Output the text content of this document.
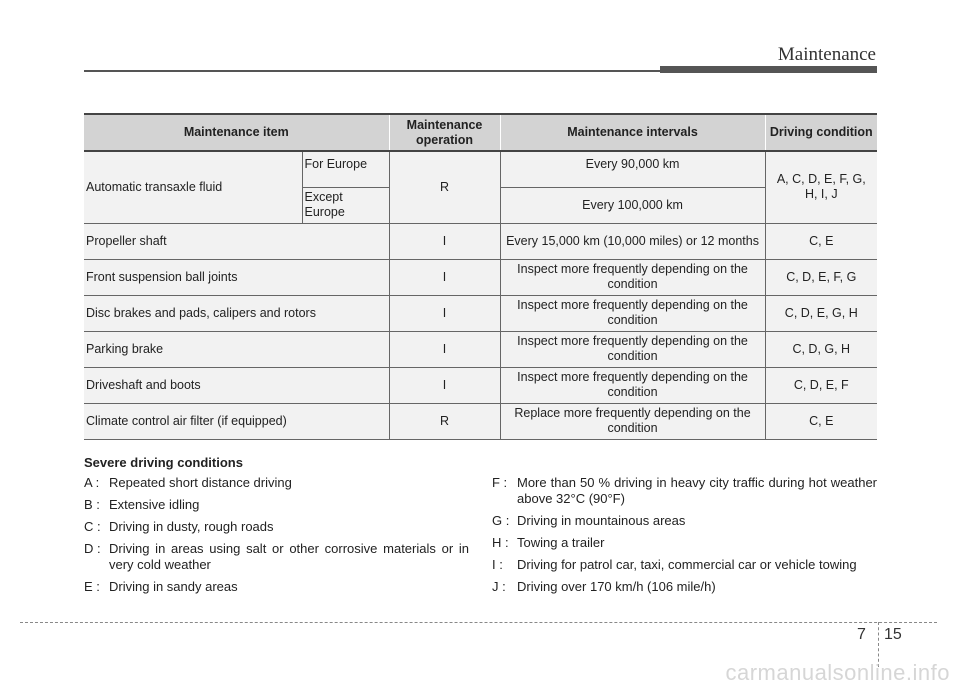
Maintenance
Maintenance item		Maintenance operation	Maintenance intervals	Driving condition
Automatic transaxle fluid	For Europe	R	Every 90,000 km	A, C, D, E, F, G, H, I, J
	Except Europe		Every 100,000 km	
Propeller shaft		I	Every 15,000 km (10,000 miles) or 12 months	C, E
Front suspension ball joints		I	Inspect more frequently depending on the condition	C, D, E, F, G
Disc brakes and pads, calipers and rotors		I	Inspect more frequently depending on the condition	C, D, E, G, H
Parking brake		I	Inspect more frequently depending on the condition	C, D, G, H
Driveshaft and boots		I	Inspect more frequently depending on the condition	C, D, E, F
Climate control air filter (if equipped)		R	Replace more frequently depending on the condition	C, E
Severe driving conditions
A : Repeated short distance driving
B : Extensive idling
C : Driving in dusty, rough roads
D : Driving in areas using salt or other corrosive materials or in very cold weather
E : Driving in sandy areas
F : More than 50 % driving in heavy city traffic during hot weather above 32°C (90°F)
G : Driving in mountainous areas
H : Towing a trailer
I :	Driving for patrol car, taxi, commercial car or vehicle towing
J : Driving over 170 km/h (106 mile/h)
7 15
carmanualsonline.info
